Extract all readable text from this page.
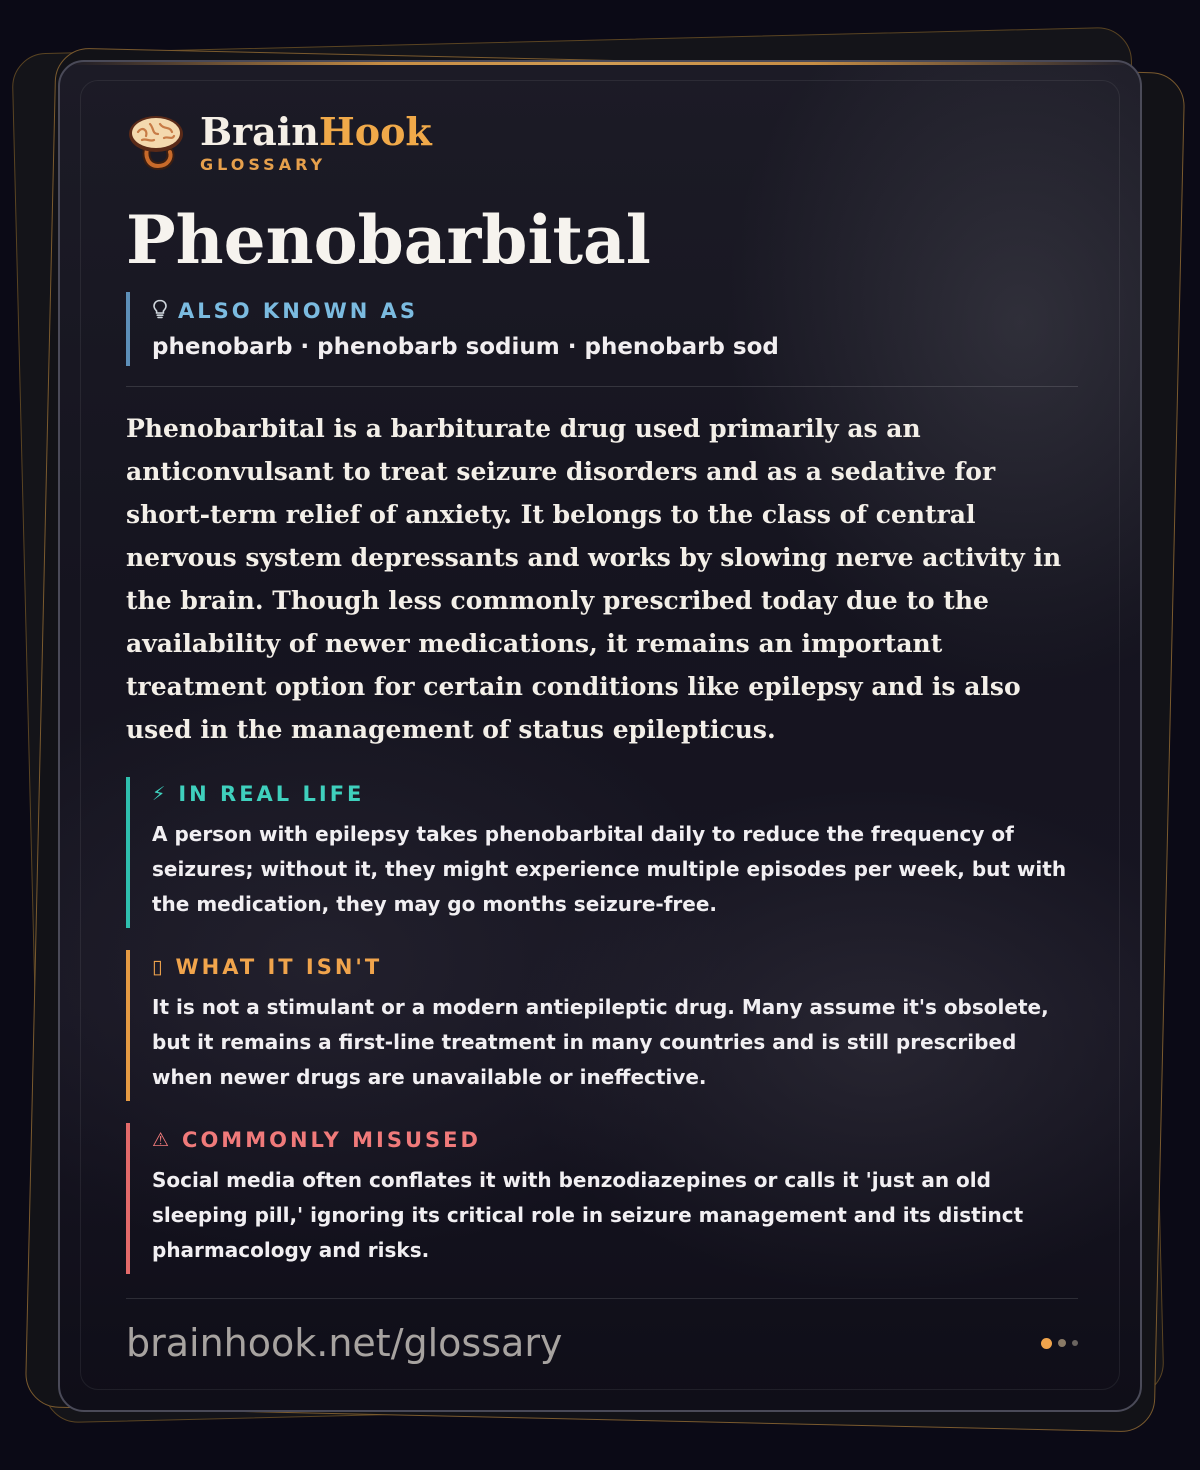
BrainHook
GLOSSARY
Phenobarbital
ALSO KNOWN AS
phenobarb · phenobarb sodium · phenobarb sod

Phenobarbital is a barbiturate drug used primarily as an anticonvulsant to treat seizure disorders and as a sedative for short-term relief of anxiety. It belongs to the class of central nervous system depressants and works by slowing nerve activity in the brain. Though less commonly prescribed today due to the availability of newer medications, it remains an important treatment option for certain conditions like epilepsy and is also used in the management of status epilepticus.

⚡ IN REAL LIFE
A person with epilepsy takes phenobarbital daily to reduce the frequency of seizures; without it, they might experience multiple episodes per week, but with the medication, they may go months seizure-free.
▯ WHAT IT ISN'T
It is not a stimulant or a modern antiepileptic drug. Many assume it's obsolete, but it remains a first-line treatment in many countries and is still prescribed when newer drugs are unavailable or ineffective.
⚠ COMMONLY MISUSED
Social media often conflates it with benzodiazepines or calls it 'just an old sleeping pill,' ignoring its critical role in seizure management and its distinct pharmacology and risks.
brainhook.net/glossary
